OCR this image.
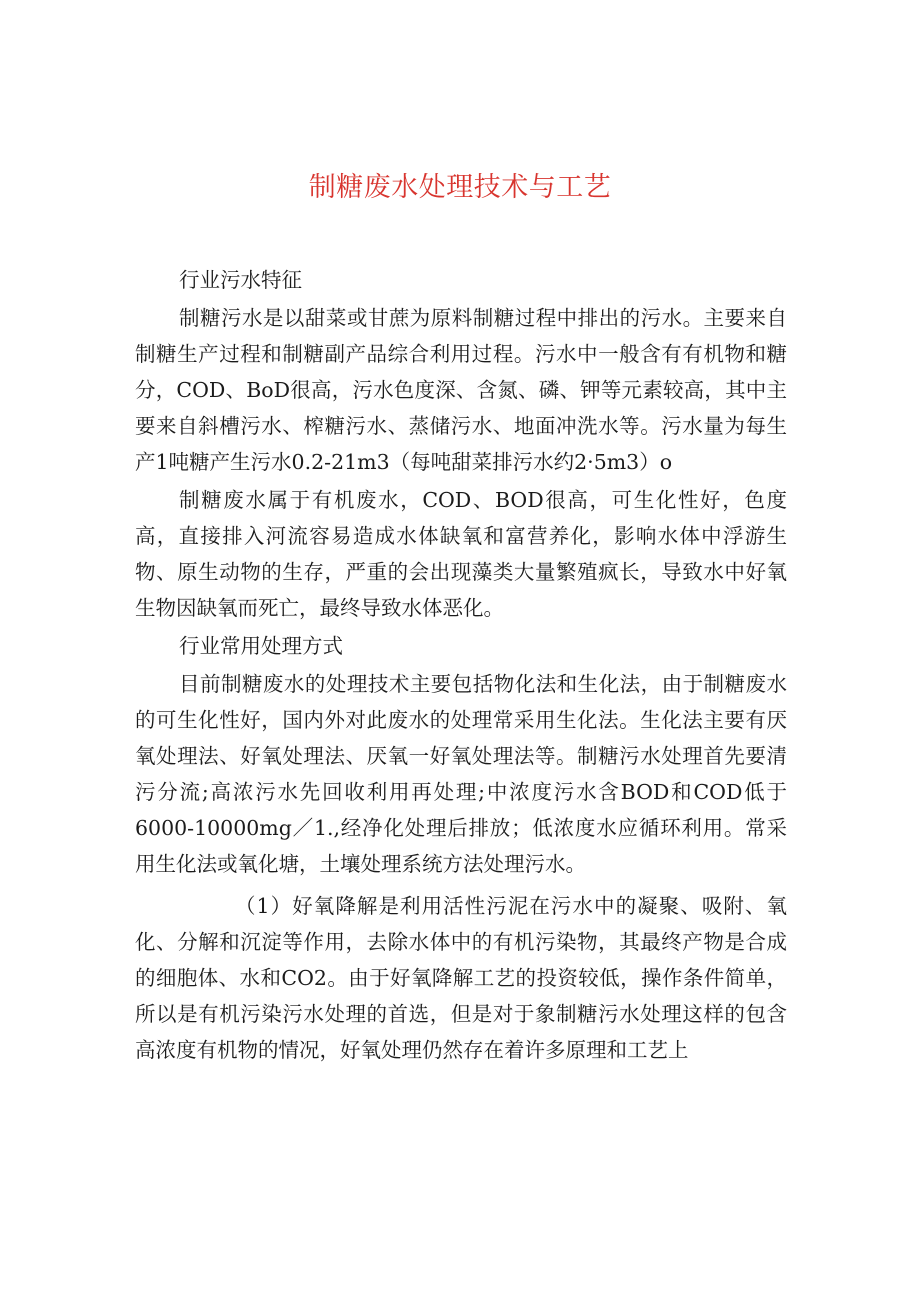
制糖废水处理技术与工艺

行业污水特征

制糖污水是以甜菜或甘蔗为原料制糖过程中排出的污水。主要来自制糖生产过程和制糖副产品综合利用过程。污水中一般含有有机物和糖分，COD、BoD很高，污水色度深、含氮、磷、钾等元素较高，其中主要来自斜槽污水、榨糖污水、蒸储污水、地面冲洗水等。污水量为每生产1吨糖产生污水0.2-21m3（每吨甜菜排污水约2·5m3）o

制糖废水属于有机废水，COD、BOD很高，可生化性好，色度高，直接排入河流容易造成水体缺氧和富营养化，影响水体中浮游生物、原生动物的生存，严重的会出现藻类大量繁殖疯长，导致水中好氧生物因缺氧而死亡，最终导致水体恶化。

行业常用处理方式

目前制糖废水的处理技术主要包括物化法和生化法，由于制糖废水的可生化性好，国内外对此废水的处理常采用生化法。生化法主要有厌氧处理法、好氧处理法、厌氧一好氧处理法等。制糖污水处理首先要清污分流;高浓污水先回收利用再处理;中浓度污水含BOD和COD低于6000-10000mg／1.,经净化处理后排放；低浓度水应循环利用。常采用生化法或氧化塘，土壤处理系统方法处理污水。

（1）好氧降解是利用活性污泥在污水中的凝聚、吸附、氧化、分解和沉淀等作用，去除水体中的有机污染物，其最终产物是合成的细胞体、水和CO2。由于好氧降解工艺的投资较低，操作条件简单，所以是有机污染污水处理的首选，但是对于象制糖污水处理这样的包含高浓度有机物的情况，好氧处理仍然存在着许多原理和工艺上
